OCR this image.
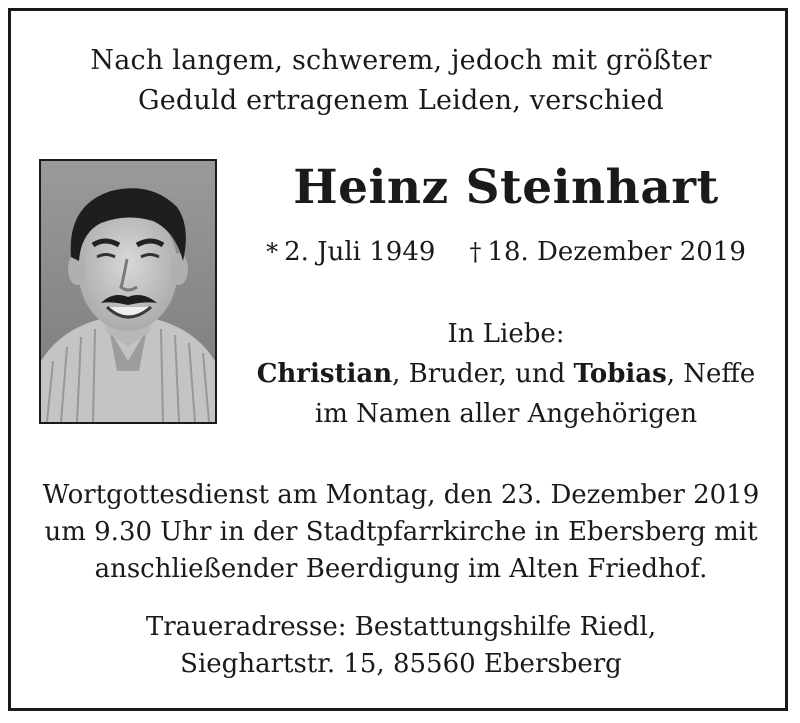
Nach langem, schwerem, jedoch mit größter
Geduld ertragenem Leiden, verschied
Heinz Steinhart
* 2. Juli 1949 † 18. Dezember 2019
In Liebe:
Christian, Bruder, und Tobias, Neffe
im Namen aller Angehörigen
Wortgottesdienst am Montag, den 23. Dezember 2019
um 9.30 Uhr in der Stadtpfarrkirche in Ebersberg mit
anschließender Beerdigung im Alten Friedhof.
Traueradresse: Bestattungshilfe Riedl,
Sieghartstr. 15, 85560 Ebersberg
